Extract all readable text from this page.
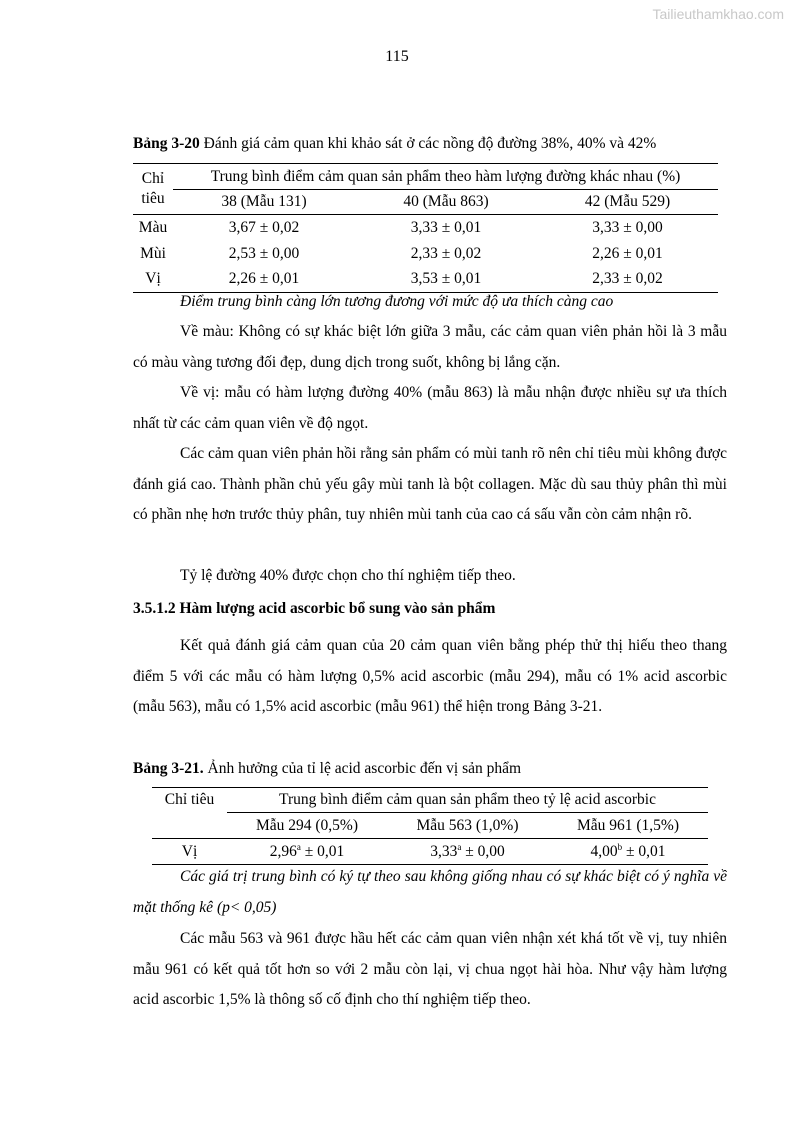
Tailieuthamkhao.com
115
Bảng 3-20 Đánh giá cảm quan khi khảo sát ở các nồng độ đường 38%, 40% và 42%
Chỉ
tiêu	Trung bình điểm cảm quan sản phẩm theo hàm lượng đường khác nhau (%)		
	38 (Mẫu 131)	40 (Mẫu 863)	42 (Mẫu 529)
Màu	3,67 ± 0,02	3,33 ± 0,01	3,33 ± 0,00
Mùi	2,53 ± 0,00	2,33 ± 0,02	2,26 ± 0,01
Vị	2,26 ± 0,01	3,53 ± 0,01	2,33 ± 0,02
Điểm trung bình càng lớn tương đương với mức độ ưa thích càng cao
Về màu: Không có sự khác biệt lớn giữa 3 mẫu, các cảm quan viên phản hồi là 3 mẫu có màu vàng tương đối đẹp, dung dịch trong suốt, không bị lắng cặn.
Về vị: mẫu có hàm lượng đường 40% (mẫu 863) là mẫu nhận được nhiều sự ưa thích nhất từ các cảm quan viên về độ ngọt.
Các cảm quan viên phản hồi rằng sản phẩm có mùi tanh rõ nên chỉ tiêu mùi không được đánh giá cao. Thành phần chủ yếu gây mùi tanh là bột collagen. Mặc dù sau thủy phân thì mùi có phần nhẹ hơn trước thủy phân, tuy nhiên mùi tanh của cao cá sấu vẫn còn cảm nhận rõ.
Tỷ lệ đường 40% được chọn cho thí nghiệm tiếp theo.
3.5.1.2 Hàm lượng acid ascorbic bổ sung vào sản phẩm
Kết quả đánh giá cảm quan của 20 cảm quan viên bằng phép thử thị hiếu theo thang điểm 5 với các mẫu có hàm lượng 0,5% acid ascorbic (mẫu 294), mẫu có 1% acid ascorbic (mẫu 563), mẫu có 1,5% acid ascorbic (mẫu 961) thể hiện trong Bảng 3-21.
Bảng 3-21. Ảnh hưởng của tỉ lệ acid ascorbic đến vị sản phẩm
Chỉ tiêu	Trung bình điểm cảm quan sản phẩm theo tỷ lệ acid ascorbic		
	Mẫu 294 (0,5%)	Mẫu 563 (1,0%)	Mẫu 961 (1,5%)
Vị	2,96$^a$ ± 0,01	3,33$^a$ ± 0,00	4,00$^b$ ± 0,01
Các giá trị trung bình có ký tự theo sau không giống nhau có sự khác biệt có ý nghĩa về mặt thống kê (p< 0,05)
Các mẫu 563 và 961 được hầu hết các cảm quan viên nhận xét khá tốt về vị, tuy nhiên mẫu 961 có kết quả tốt hơn so với 2 mẫu còn lại, vị chua ngọt hài hòa. Như vậy hàm lượng acid ascorbic 1,5% là thông số cố định cho thí nghiệm tiếp theo.
